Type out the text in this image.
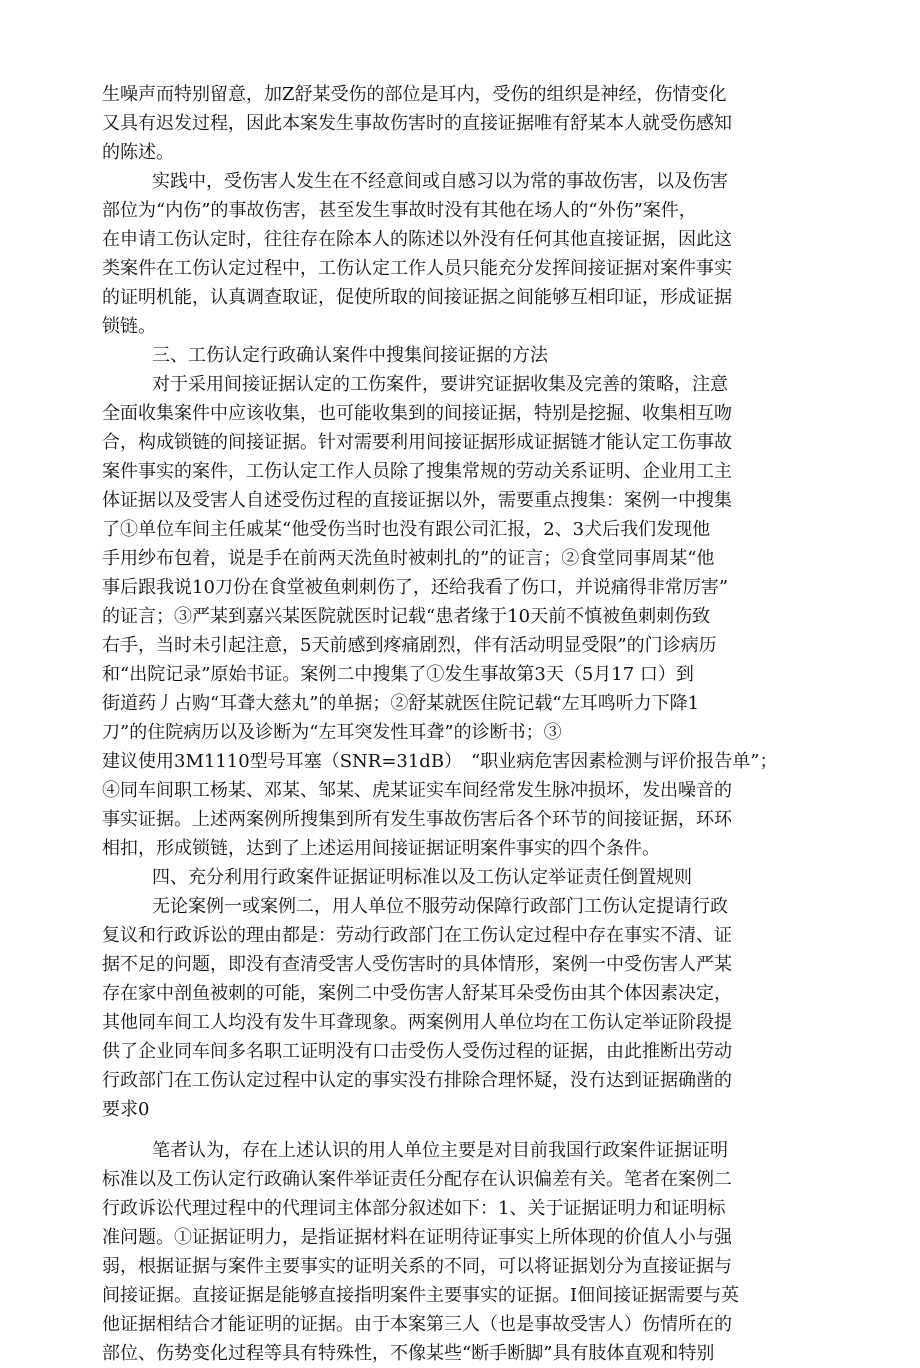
生噪声而特别留意，加Z舒某受伤的部位是耳内，受伤的组织是神经，伤情变化
又具有迟发过程，因此本案发生事故伤害时的直接证据唯有舒某本人就受伤感知
的陈述。
实践中，受伤害人发生在不经意间或自感习以为常的事故伤害，以及伤害
部位为“内伤”的事故伤害，甚至发生事故时没有其他在场人的“外伤”案件，
在申请工伤认定时，往往存在除本人的陈述以外没有任何其他直接证据，因此这
类案件在工伤认定过程中，工伤认定工作人员只能充分发挥间接证据对案件事实
的证明机能，认真调查取证，促使所取的间接证据之间能够互相印证，形成证据
锁链。
三、工伤认定行政确认案件中搜集间接证据的方法
对于采用间接证据认定的工伤案件，要讲究证据收集及完善的策略，注意
全面收集案件中应该收集，也可能收集到的间接证据，特别是挖掘、收集相互吻
合，构成锁链的间接证据。针对需要利用间接证据形成证据链才能认定工伤事故
案件事实的案件，工伤认定工作人员除了搜集常规的劳动关系证明、企业用工主
体证据以及受害人自述受伤过程的直接证据以外，需要重点搜集：案例一中搜集
了①单位车间主任戚某“他受伤当时也没有跟公司汇报，2、3犬后我们发现他
手用纱布包着，说是手在前两天洗鱼时被刺扎的”的证言；②食堂同事周某“他
事后跟我说10刀份在食堂被鱼刺刺伤了，还给我看了伤口，并说痛得非常厉害”
的证言；③严某到嘉兴某医院就医时记载“患者缘于10天前不慎被鱼刺刺伤致
右手，当时未引起注意，5天前感到疼痛剧烈，伴有活动明显受限”的门诊病历
和“出院记录”原始书证。案例二中搜集了①发生事故第3天（5月17 口）到
街道药丿占购“耳聋大慈丸”的单据；②舒某就医住院记载“左耳鸣听力下降1
刀”的住院病历以及诊断为“左耳突发性耳聋”的诊断书；③
建议使用3M1110型号耳塞（SNR=31dB）　“职业病危害因素检测与评价报告单”；
④同车间职工杨某、邓某、邹某、虎某证实车间经常发生脉冲损坏，发出噪音的
事实证据。上述两案例所搜集到所有发生事故伤害后各个环节的间接证据，环环
相扣，形成锁链，达到了上述运用间接证据证明案件事实的四个条件。
四、充分利用行政案件证据证明标准以及工伤认定举证责任倒置规则
无论案例一或案例二，用人单位不服劳动保障行政部门工伤认定提请行政
复议和行政诉讼的理由都是：劳动行政部门在工伤认定过程中存在事实不清、证
据不足的问题，即没有查清受害人受伤害时的具体情形，案例一中受伤害人严某
存在家中剖鱼被刺的可能，案例二中受伤害人舒某耳朵受伤由其个体因素决定，
其他同车间工人均没有发牛耳聋现象。两案例用人单位均在工伤认定举证阶段提
供了企业同车间多名职工证明没有口击受伤人受伤过程的证据，由此推断出劳动
行政部门在工伤认定过程中认定的事实没冇排除合理怀疑，没冇达到证据确凿的
要求0
笔者认为，存在上述认识的用人单位主要是对目前我国行政案件证据证明
标准以及工伤认定行政确认案件举证责任分配存在认识偏差有关。笔者在案例二
行政诉讼代理过程中的代理词主体部分叙述如下：1、关于证据证明力和证明标
准问题。①证据证明力，是指证据材料在证明待证事实上所体现的价值人小与强
弱，根据证据与案件主要事实的证明关系的不同，可以将证据划分为直接证据与
间接证据。直接证据是能够直接指明案件主要事实的证据。I佃间接证据需要与英
他证据相结合才能证明的证据。由于本案第三人（也是事故受害人）伤情所在的
部位、伤势变化过程等具有特殊性，不像某些“断手断脚”具有肢体直观和特别
